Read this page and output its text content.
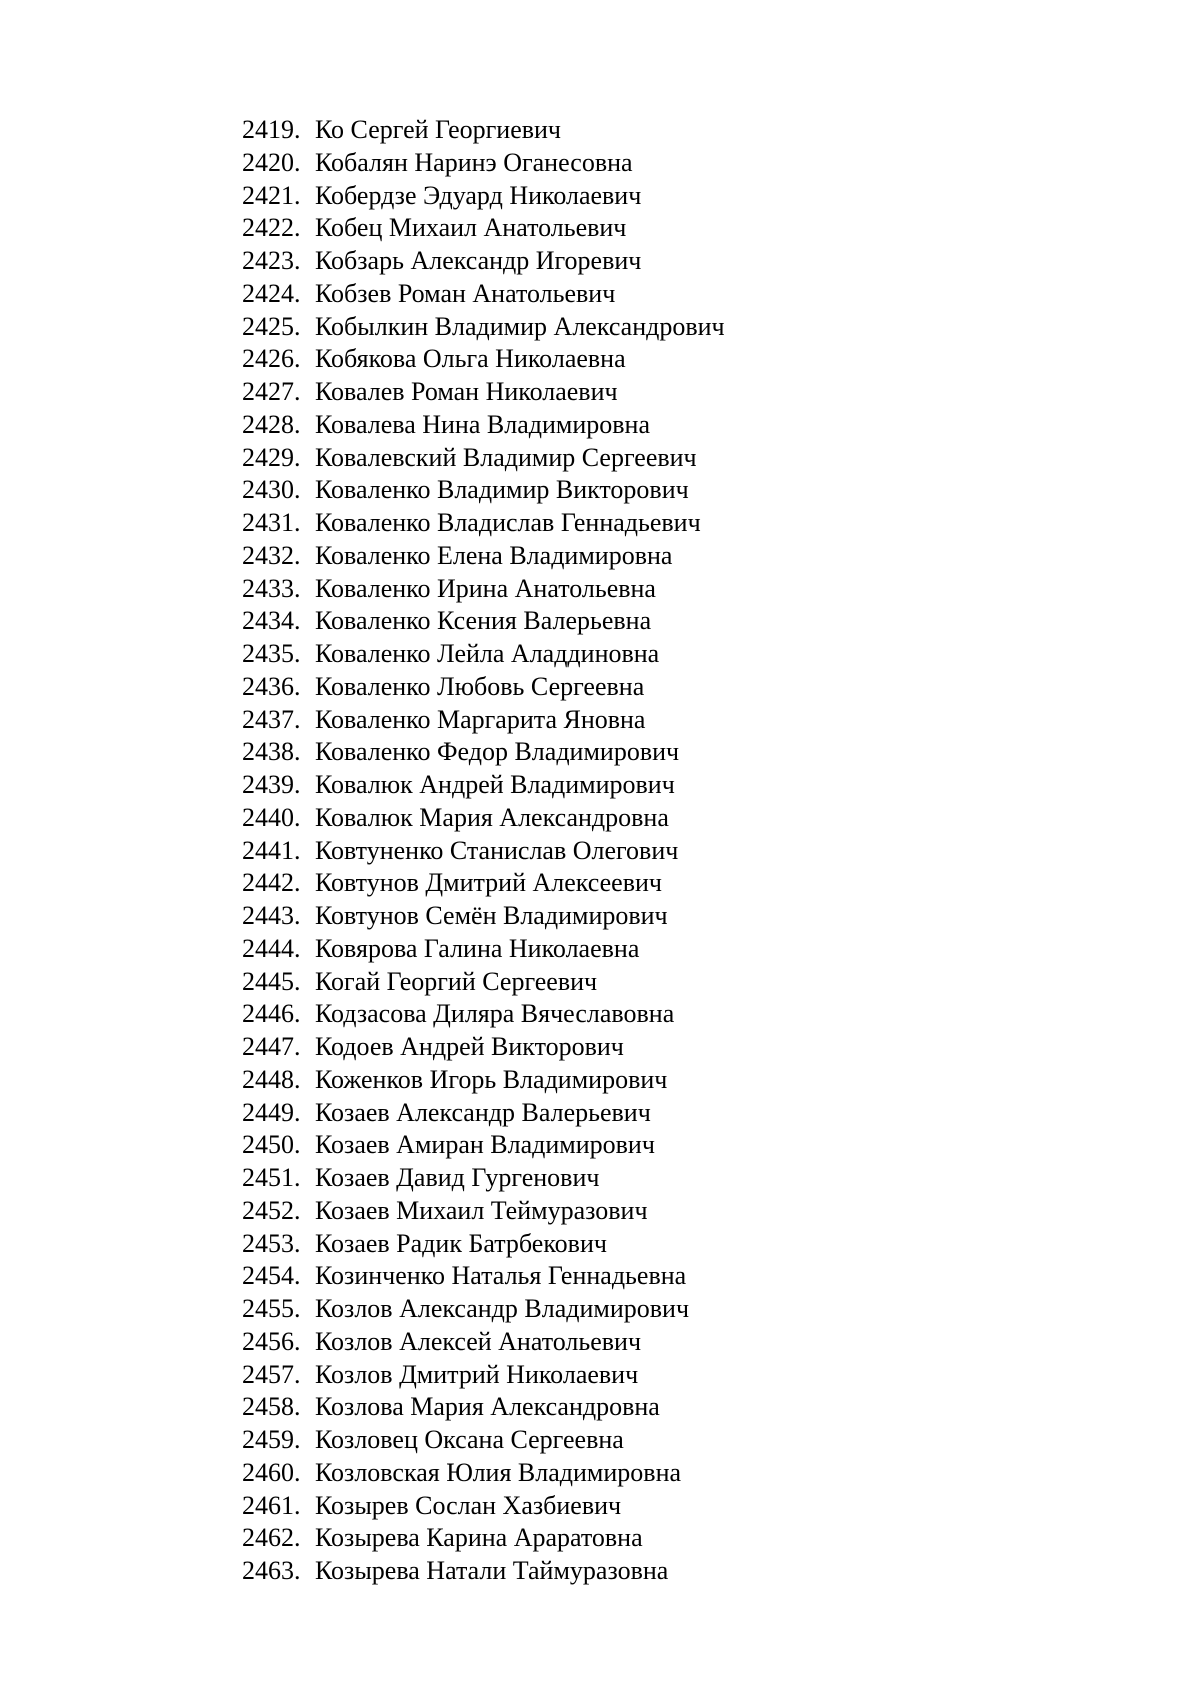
2419. Ко Сергей Георгиевич
2420. Кобалян Наринэ Оганесовна
2421. Кобердзе Эдуард Николаевич
2422. Кобец Михаил Анатольевич
2423. Кобзарь Александр Игоревич
2424. Кобзев Роман Анатольевич
2425. Кобылкин Владимир Александрович
2426. Кобякова Ольга Николаевна
2427. Ковалев Роман Николаевич
2428. Ковалева Нина Владимировна
2429. Ковалевский Владимир Сергеевич
2430. Коваленко Владимир Викторович
2431. Коваленко Владислав Геннадьевич
2432. Коваленко Елена Владимировна
2433. Коваленко Ирина Анатольевна
2434. Коваленко Ксения Валерьевна
2435. Коваленко Лейла Аладдиновна
2436. Коваленко Любовь Сергеевна
2437. Коваленко Маргарита Яновна
2438. Коваленко Федор Владимирович
2439. Ковалюк Андрей Владимирович
2440. Ковалюк Мария Александровна
2441. Ковтуненко Станислав Олегович
2442. Ковтунов Дмитрий Алексеевич
2443. Ковтунов Семён Владимирович
2444. Ковярова Галина Николаевна
2445. Когай Георгий Сергеевич
2446. Кодзасова Диляра Вячеславовна
2447. Кодоев Андрей Викторович
2448. Коженков Игорь Владимирович
2449. Козаев Александр Валерьевич
2450. Козаев Амиран Владимирович
2451. Козаев Давид Гургенович
2452. Козаев Михаил Теймуразович
2453. Козаев Радик Батрбекович
2454. Козинченко Наталья Геннадьевна
2455. Козлов Александр Владимирович
2456. Козлов Алексей Анатольевич
2457. Козлов Дмитрий Николаевич
2458. Козлова Мария Александровна
2459. Козловец Оксана Сергеевна
2460. Козловская Юлия Владимировна
2461. Козырев Сослан Хазбиевич
2462. Козырева Карина Араратовна
2463. Козырева Натали Таймуразовна
